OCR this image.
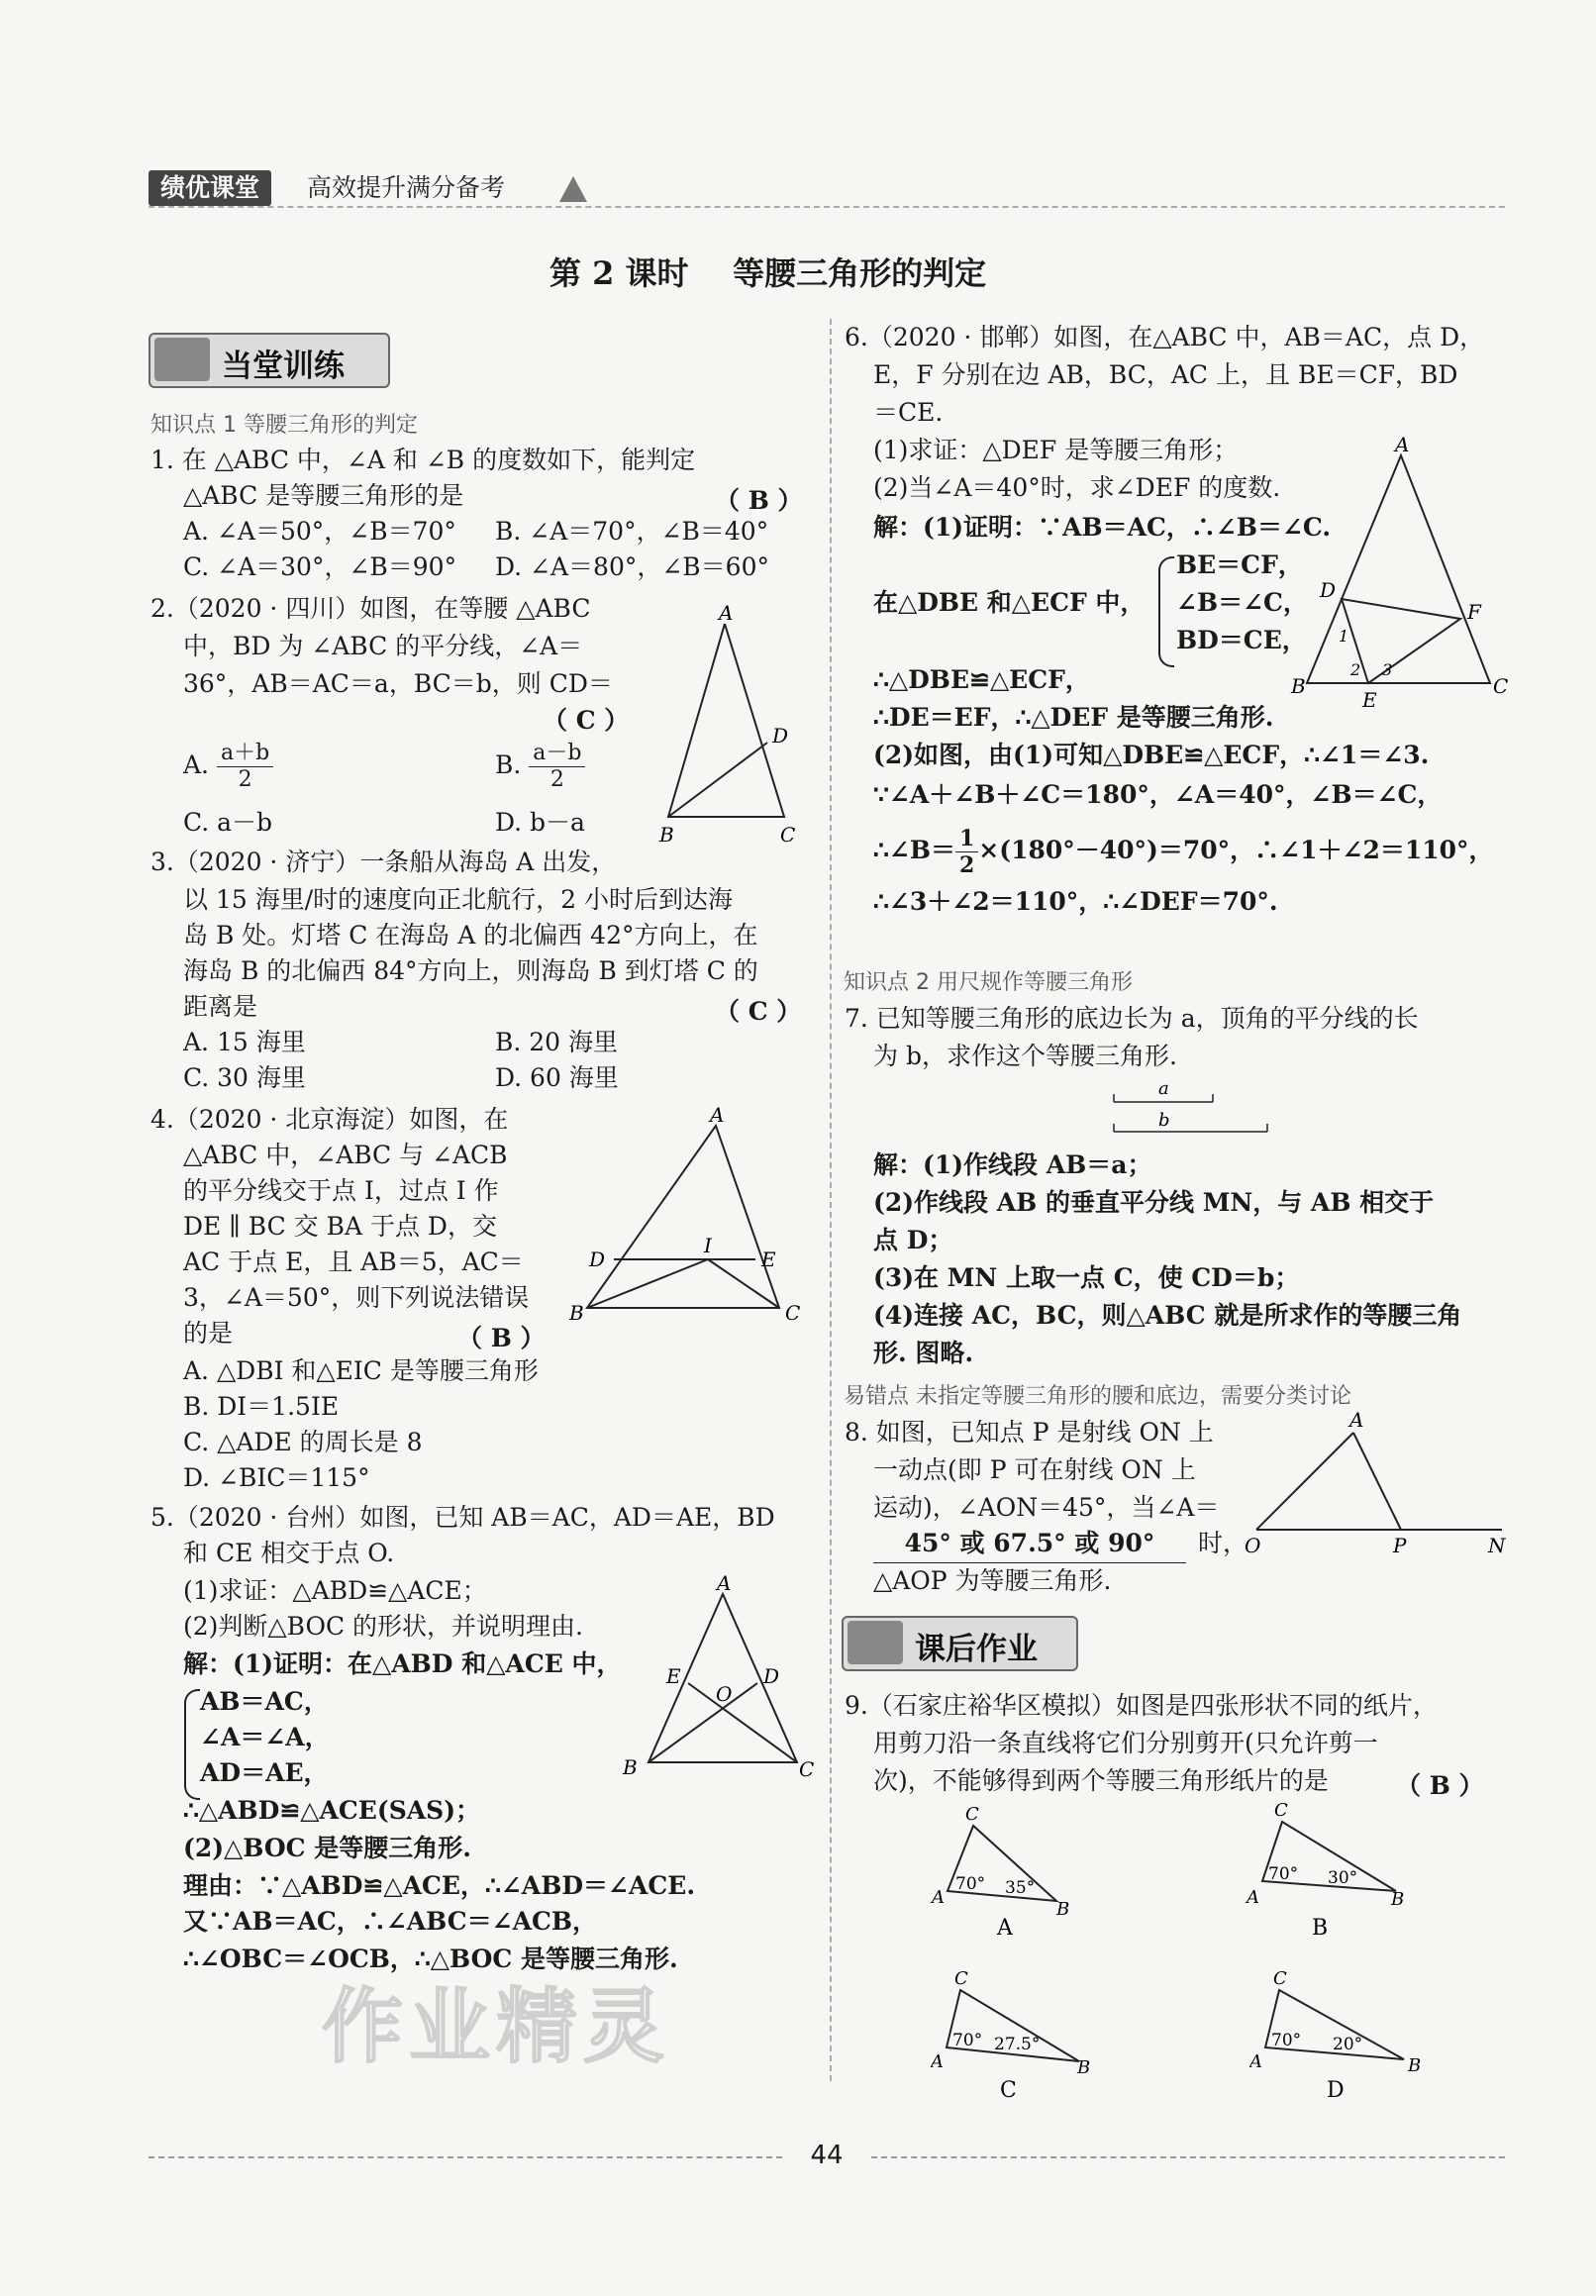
绩优课堂	高效提升满分备考
第 2 课时    等腰三角形的判定
当堂训练
知识点 1 等腰三角形的判定
1. 在 △ABC 中，∠A 和 ∠B 的度数如下，能判定
△ABC 是等腰三角形的是	（ B ）
A. ∠A＝50°，∠B＝70° B. ∠A＝70°，∠B＝40°
C. ∠A＝30°，∠B＝90° D. ∠A＝80°，∠B＝60°
2.（2020 · 四川）如图，在等腰 △ABC
中，BD 为 ∠ABC 的平分线，∠A＝
36°，AB＝AC＝a，BC＝b，则 CD＝
（ C ）
A. $\frac{a+b}{2}$	B. $\frac{a-b}{2}$
C. a－b	D. b－a
A
B	C
D
3.（2020 · 济宁）一条船从海岛 A 出发，
以 15 海里/时的速度向正北航行，2 小时后到达海
岛 B 处。灯塔 C 在海岛 A 的北偏西 42°方向上，在
海岛 B 的北偏西 84°方向上，则海岛 B 到灯塔 C 的
距离是	（ C ）
A. 15 海里	B. 20 海里
C. 30 海里	D. 60 海里
4.（2020 · 北京海淀）如图，在
△ABC 中，∠ABC 与 ∠ACB
的平分线交于点 I，过点 I 作
DE ∥ BC 交 BA 于点 D，交
AC 于点 E，且 AB＝5，AC＝
3，∠A＝50°，则下列说法错误
的是	（ B ）
A. △DBI 和△EIC 是等腰三角形
B. DI＝1.5IE
C. △ADE 的周长是 8
D. ∠BIC＝115°
A
B	C
D	E
I
5.（2020 · 台州）如图，已知 AB＝AC，AD＝AE，BD
和 CE 相交于点 O.
(1)求证：△ABD≌△ACE；
(2)判断△BOC 的形状，并说明理由.
解：(1)证明：在△ABD 和△ACE 中，
AB＝AC，
∠A＝∠A，
AD＝AE，
∴△ABD≌△ACE(SAS)；
(2)△BOC 是等腰三角形.
理由：∵△ABD≌△ACE，∴∠ABD＝∠ACE.
又∵AB＝AC，∴∠ABC＝∠ACB，
∴∠OBC＝∠OCB，∴△BOC 是等腰三角形.
A
B	C
D
E
O
6.（2020 · 邯郸）如图，在△ABC 中，AB＝AC，点 D，
E，F 分别在边 AB，BC，AC 上，且 BE＝CF，BD
＝CE.
(1)求证：△DEF 是等腰三角形；
(2)当∠A＝40°时，求∠DEF 的度数.
解：(1)证明：∵AB＝AC，∴∠B＝∠C.
在△DBE 和△ECF 中，
BE＝CF，
∠B＝∠C，
BD＝CE，
∴△DBE≌△ECF，
∴DE＝EF，∴△DEF 是等腰三角形.
(2)如图，由(1)可知△DBE≌△ECF，∴∠1＝∠3.
∵∠A＋∠B＋∠C＝180°，∠A＝40°，∠B＝∠C，
∴∠B＝ $\frac{1}{2} \times(180^\circ-40^\circ)=70^\circ$，∴∠1＋∠2＝110°，
∴∠3＋∠2＝110°，∴∠DEF＝70°.
A
B	C
D
E
F
1
2 3
知识点 2 用尺规作等腰三角形
7. 已知等腰三角形的底边长为 a，顶角的平分线的长
为 b，求作这个等腰三角形.
a
b
解：(1)作线段 AB＝a；
(2)作线段 AB 的垂直平分线 MN，与 AB 相交于
点 D；
(3)在 MN 上取一点 C，使 CD＝b；
(4)连接 AC，BC，则△ABC 就是所求作的等腰三角
形. 图略.
易错点 未指定等腰三角形的腰和底边，需要分类讨论
8. 如图，已知点 P 是射线 ON 上
一动点(即 P 可在射线 ON 上
运动)，∠AON＝45°，当∠A＝
45° 或 67.5° 或 90°	时，
△AOP 为等腰三角形.
A
O	P	N
课后作业
9.（石家庄裕华区模拟）如图是四张形状不同的纸片，
用剪刀沿一条直线将它们分别剪开(只允许剪一
次)，不能够得到两个等腰三角形纸片的是	（ B ）
C
A
B
70° 35°
A
C
A	B
70° 30°
B
C
A	B
70° 27.5°
C
C
A	B
70° 20°
D
作业精灵
44
